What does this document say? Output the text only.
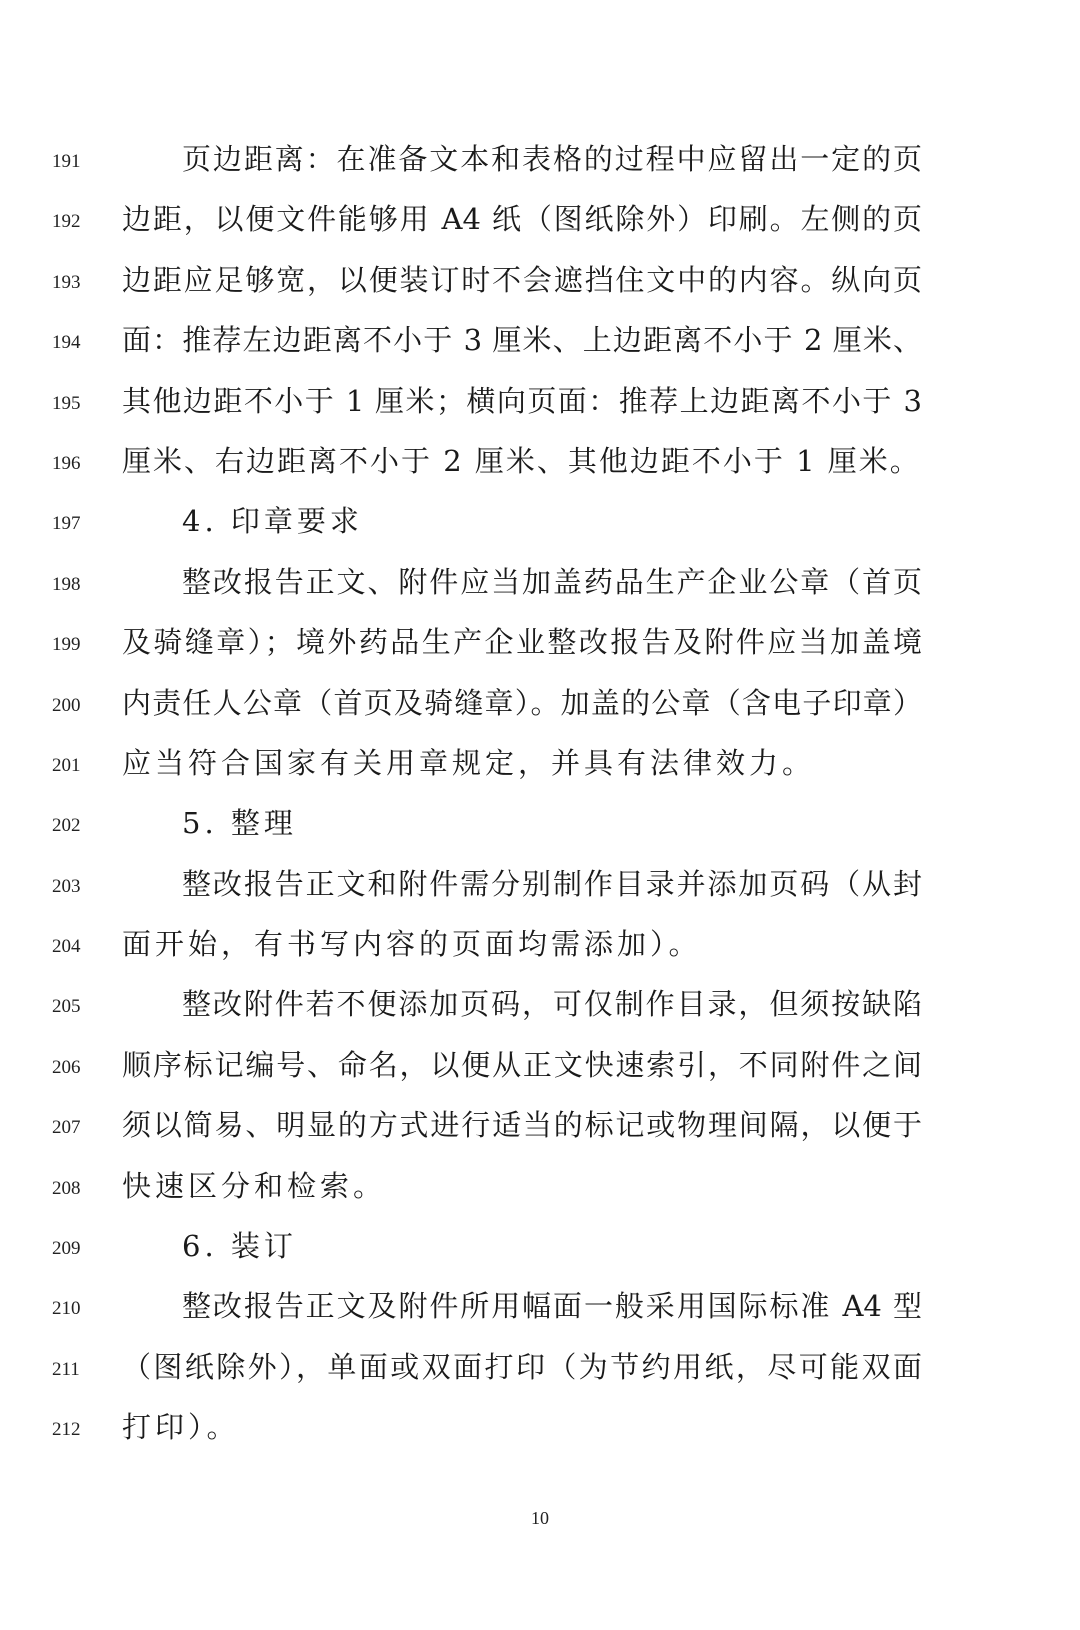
191	页边距离：在准备文本和表格的过程中应留出一定的页
192	边距，以便文件能够用 A4 纸（图纸除外）印刷。左侧的页
193	边距应足够宽，以便装订时不会遮挡住文中的内容。纵向页
194	面：推荐左边距离不小于 3 厘米、上边距离不小于 2 厘米、
195	其他边距不小于 1 厘米；横向页面：推荐上边距离不小于 3
196	厘米、右边距离不小于 2 厘米、其他边距不小于 1 厘米。
197	4. 印章要求
198	整改报告正文、附件应当加盖药品生产企业公章（首页
199	及骑缝章）；境外药品生产企业整改报告及附件应当加盖境
200	内责任人公章（首页及骑缝章）。加盖的公章（含电子印章）
201	应当符合国家有关用章规定，并具有法律效力。
202	5. 整理
203	整改报告正文和附件需分别制作目录并添加页码（从封
204	面开始，有书写内容的页面均需添加）。
205	整改附件若不便添加页码，可仅制作目录，但须按缺陷
206	顺序标记编号、命名，以便从正文快速索引，不同附件之间
207	须以简易、明显的方式进行适当的标记或物理间隔，以便于
208	快速区分和检索。
209	6. 装订
210	整改报告正文及附件所用幅面一般采用国际标准 A4 型
211	（图纸除外），单面或双面打印（为节约用纸，尽可能双面
212	打印）。
10
